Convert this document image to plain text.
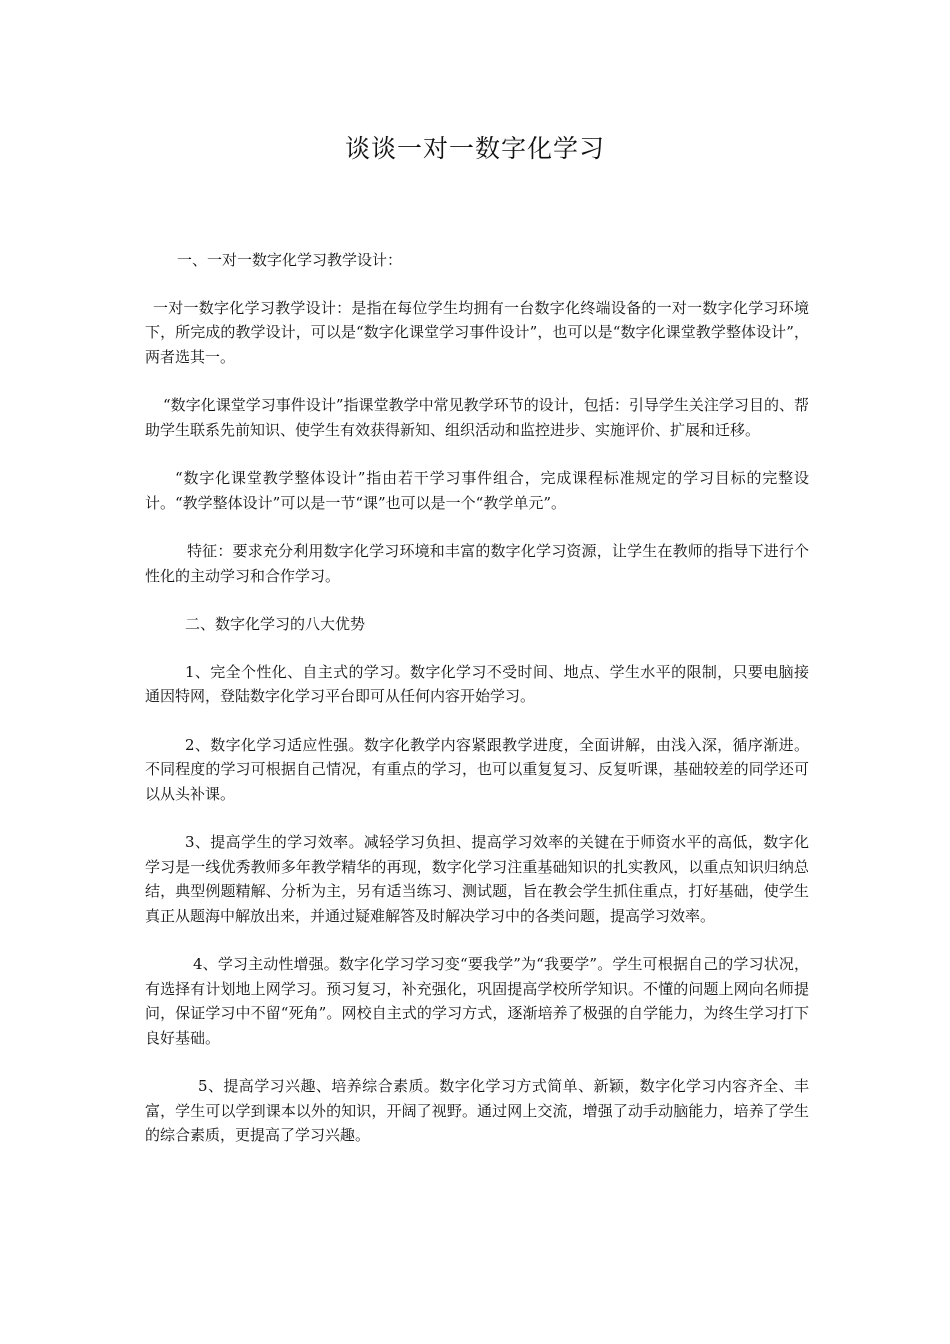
谈谈一对一数字化学习

一、一对一数字化学习教学设计：

一对一数字化学习教学设计：是指在每位学生均拥有一台数字化终端设备的一对一数字化学习环境下，所完成的教学设计，可以是“数字化课堂学习事件设计”，也可以是“数字化课堂教学整体设计”，两者选其一。

“数字化课堂学习事件设计”指课堂教学中常见教学环节的设计，包括：引导学生关注学习目的、帮助学生联系先前知识、使学生有效获得新知、组织活动和监控进步、实施评价、扩展和迁移。

“数字化课堂教学整体设计”指由若干学习事件组合，完成课程标准规定的学习目标的完整设计。“教学整体设计”可以是一节“课”也可以是一个“教学单元”。

特征：要求充分利用数字化学习环境和丰富的数字化学习资源，让学生在教师的指导下进行个性化的主动学习和合作学习。

二、数字化学习的八大优势

1、完全个性化、自主式的学习。数字化学习不受时间、地点、学生水平的限制，只要电脑接通因特网，登陆数字化学习平台即可从任何内容开始学习。

2、数字化学习适应性强。数字化教学内容紧跟教学进度，全面讲解，由浅入深，循序渐进。不同程度的学习可根据自己情况，有重点的学习，也可以重复复习、反复听课，基础较差的同学还可以从头补课。

3、提高学生的学习效率。减轻学习负担、提高学习效率的关键在于师资水平的高低，数字化学习是一线优秀教师多年教学精华的再现，数字化学习注重基础知识的扎实教风，以重点知识归纳总结，典型例题精解、分析为主，另有适当练习、测试题，旨在教会学生抓住重点，打好基础，使学生真正从题海中解放出来，并通过疑难解答及时解决学习中的各类问题，提高学习效率。

4、学习主动性增强。数字化学习学习变“要我学”为“我要学”。学生可根据自己的学习状况，有选择有计划地上网学习。预习复习，补充强化，巩固提高学校所学知识。不懂的问题上网向名师提问，保证学习中不留“死角”。网校自主式的学习方式，逐渐培养了极强的自学能力，为终生学习打下良好基础。

5、提高学习兴趣、培养综合素质。数字化学习方式简单、新颖，数字化学习内容齐全、丰富，学生可以学到课本以外的知识，开阔了视野。通过网上交流，增强了动手动脑能力，培养了学生的综合素质，更提高了学习兴趣。
